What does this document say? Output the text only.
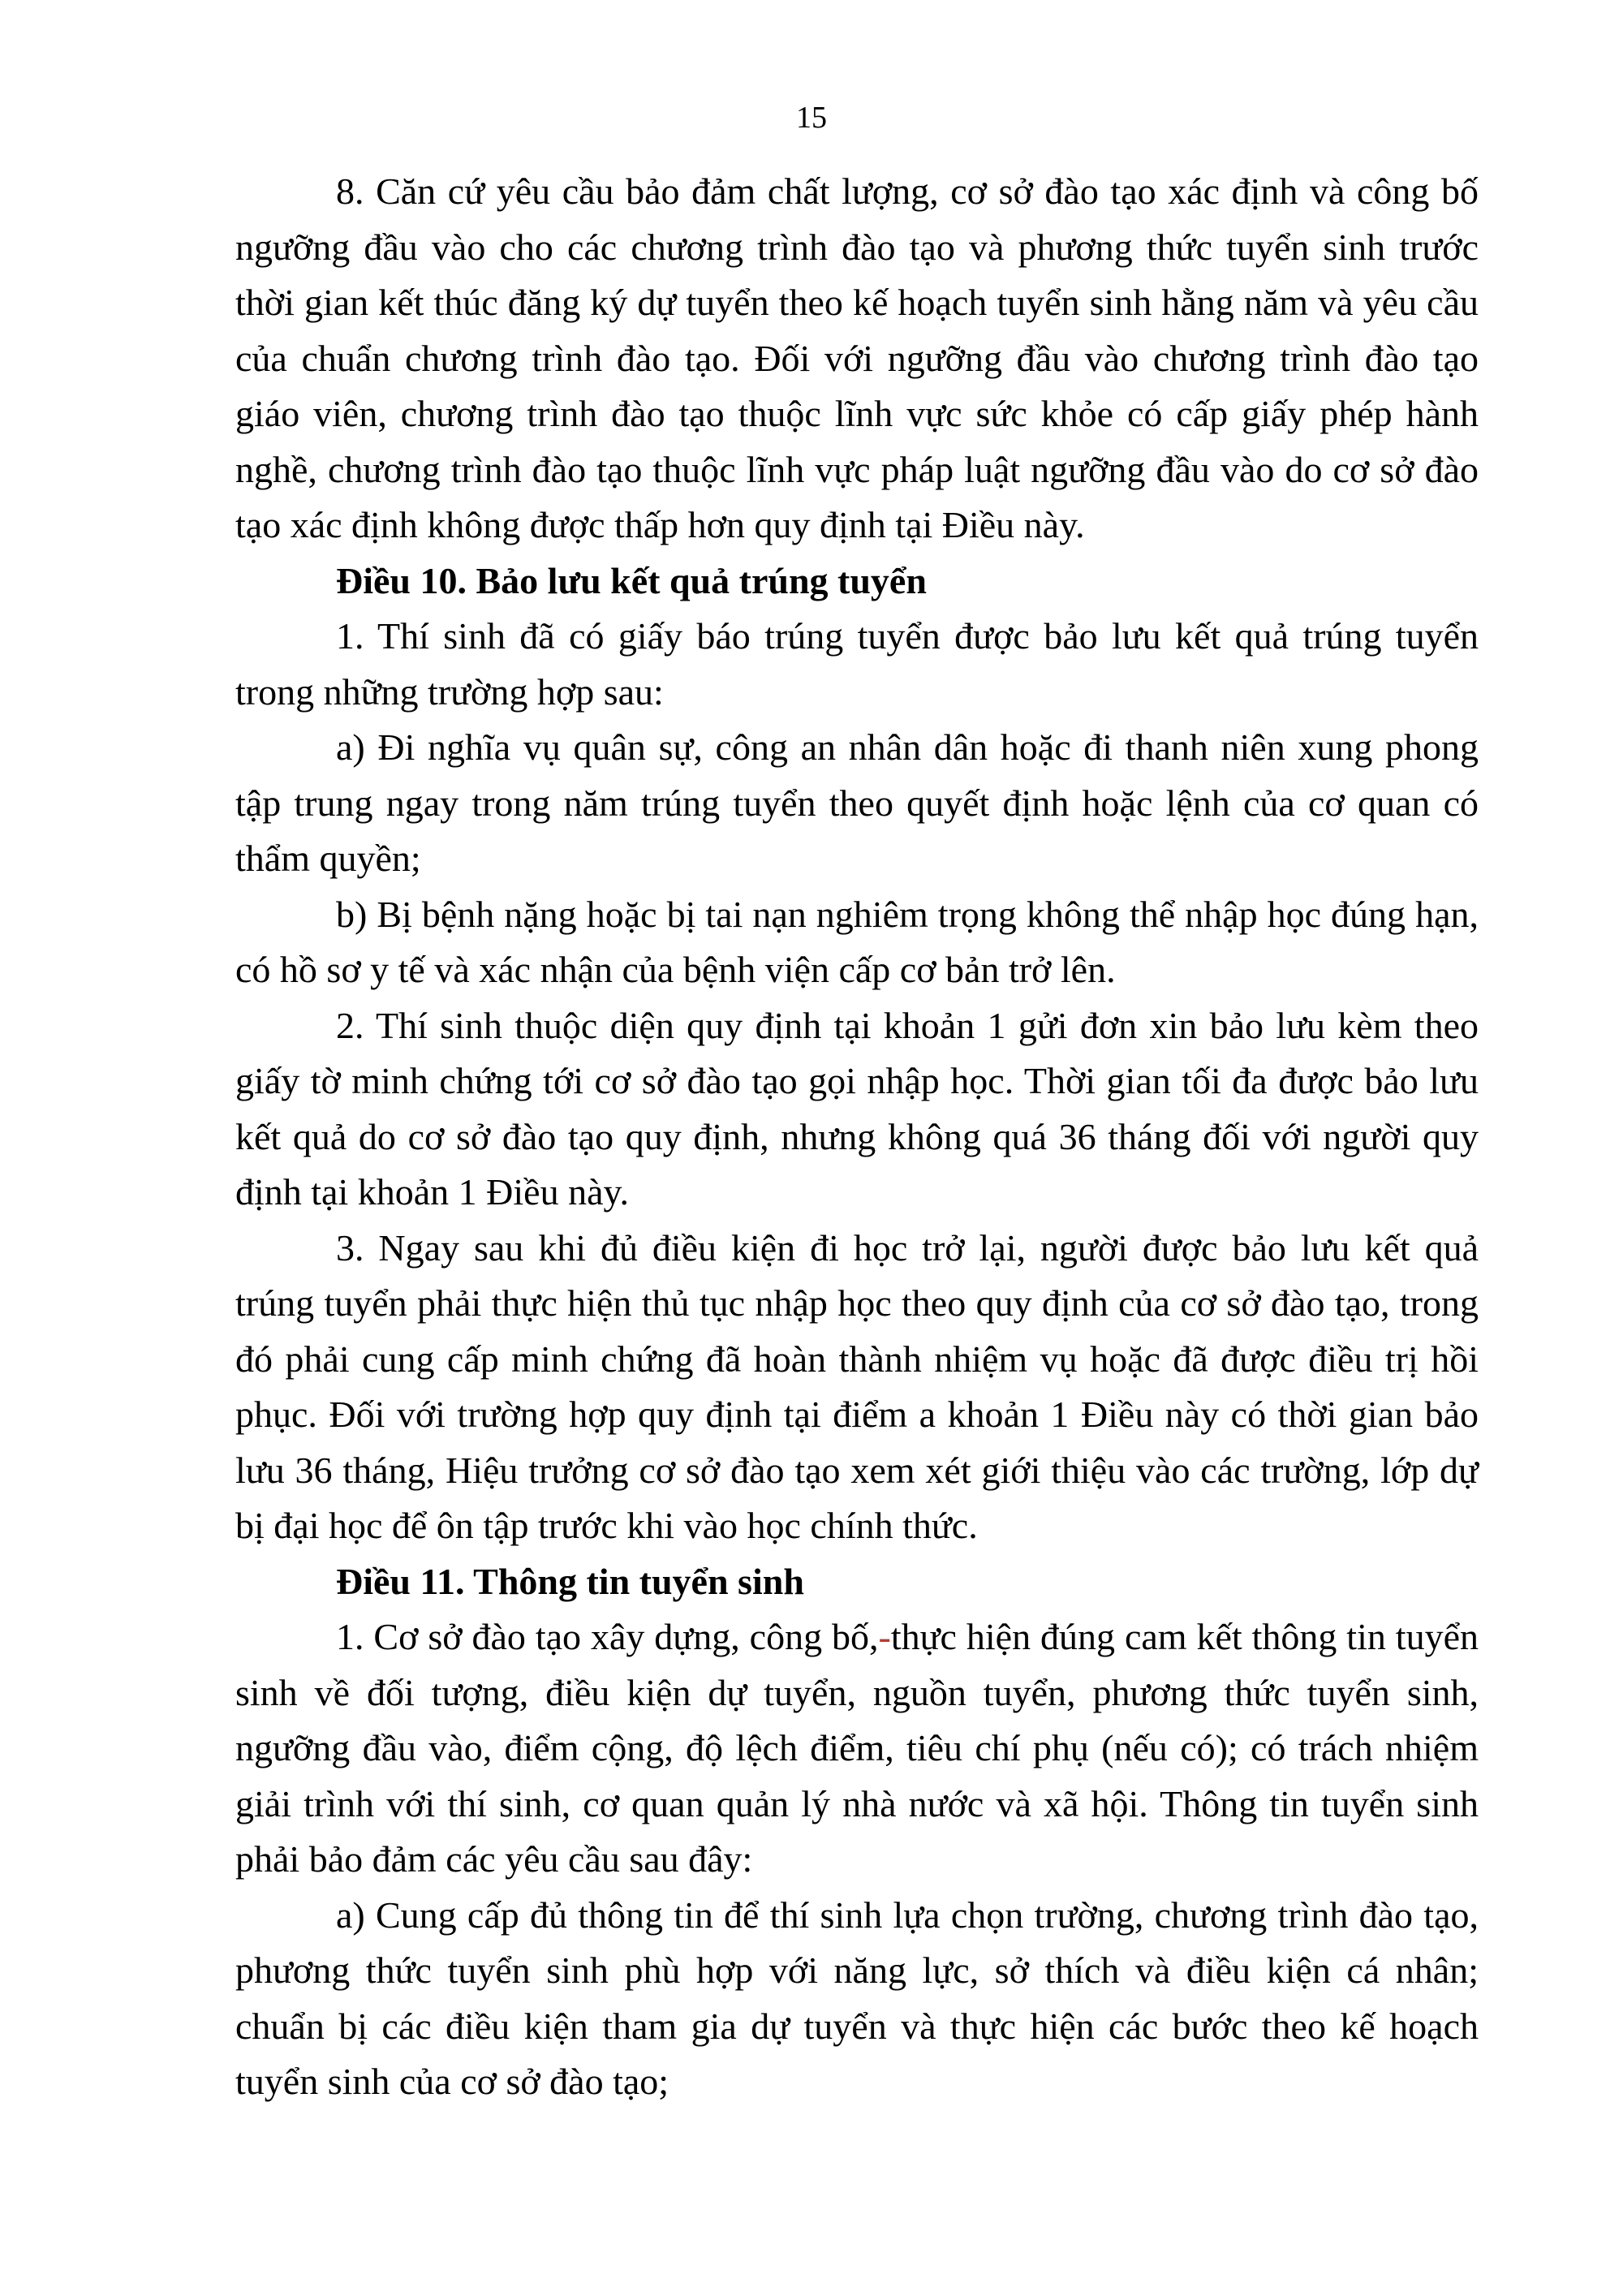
15

8. Căn cứ yêu cầu bảo đảm chất lượng, cơ sở đào tạo xác định và công bố ngưỡng đầu vào cho các chương trình đào tạo và phương thức tuyển sinh trước thời gian kết thúc đăng ký dự tuyển theo kế hoạch tuyển sinh hằng năm và yêu cầu của chuẩn chương trình đào tạo. Đối với ngưỡng đầu vào chương trình đào tạo giáo viên, chương trình đào tạo thuộc lĩnh vực sức khỏe có cấp giấy phép hành nghề, chương trình đào tạo thuộc lĩnh vực pháp luật ngưỡng đầu vào do cơ sở đào tạo xác định không được thấp hơn quy định tại Điều này.

Điều 10. Bảo lưu kết quả trúng tuyển

1. Thí sinh đã có giấy báo trúng tuyển được bảo lưu kết quả trúng tuyển trong những trường hợp sau:

a) Đi nghĩa vụ quân sự, công an nhân dân hoặc đi thanh niên xung phong tập trung ngay trong năm trúng tuyển theo quyết định hoặc lệnh của cơ quan có thẩm quyền;

b) Bị bệnh nặng hoặc bị tai nạn nghiêm trọng không thể nhập học đúng hạn, có hồ sơ y tế và xác nhận của bệnh viện cấp cơ bản trở lên.

2. Thí sinh thuộc diện quy định tại khoản 1 gửi đơn xin bảo lưu kèm theo giấy tờ minh chứng tới cơ sở đào tạo gọi nhập học. Thời gian tối đa được bảo lưu kết quả do cơ sở đào tạo quy định, nhưng không quá 36 tháng đối với người quy định tại khoản 1 Điều này.

3. Ngay sau khi đủ điều kiện đi học trở lại, người được bảo lưu kết quả trúng tuyển phải thực hiện thủ tục nhập học theo quy định của cơ sở đào tạo, trong đó phải cung cấp minh chứng đã hoàn thành nhiệm vụ hoặc đã được điều trị hồi phục. Đối với trường hợp quy định tại điểm a khoản 1 Điều này có thời gian bảo lưu 36 tháng, Hiệu trưởng cơ sở đào tạo xem xét giới thiệu vào các trường, lớp dự bị đại học để ôn tập trước khi vào học chính thức.

Điều 11. Thông tin tuyển sinh

1. Cơ sở đào tạo xây dựng, công bố,-thực hiện đúng cam kết thông tin tuyển sinh về đối tượng, điều kiện dự tuyển, nguồn tuyển, phương thức tuyển sinh, ngưỡng đầu vào, điểm cộng, độ lệch điểm, tiêu chí phụ (nếu có); có trách nhiệm giải trình với thí sinh, cơ quan quản lý nhà nước và xã hội. Thông tin tuyển sinh phải bảo đảm các yêu cầu sau đây:

a) Cung cấp đủ thông tin để thí sinh lựa chọn trường, chương trình đào tạo, phương thức tuyển sinh phù hợp với năng lực, sở thích và điều kiện cá nhân; chuẩn bị các điều kiện tham gia dự tuyển và thực hiện các bước theo kế hoạch tuyển sinh của cơ sở đào tạo;
